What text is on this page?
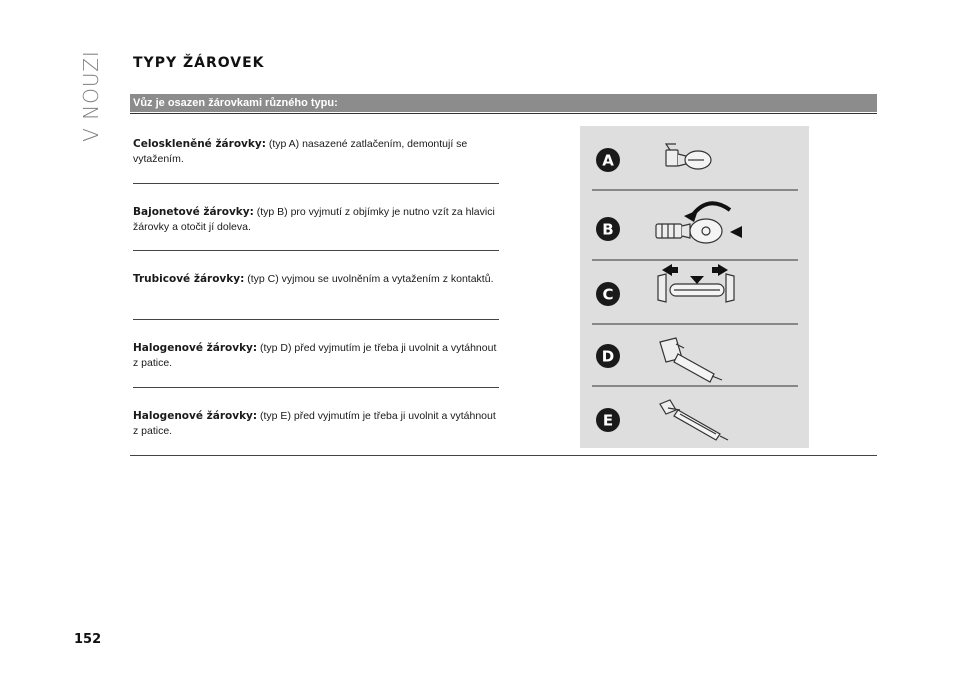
V NOUZI TYPY ŽÁROVEK
Vůz je osazen žárovkami různého typu:
Celoskleněné žárovky: (typ A) nasazené zatlačením, demontují se vytažením.
Bajonetové žárovky: (typ B) pro vyjmutí z objímky je nutno vzít za hlavici žárovky a otočit jí doleva.
Trubicové žárovky: (typ C) vyjmou se uvolněním a vytažením z kontaktů.
Halogenové žárovky: (typ D) před vyjmutím je třeba ji uvolnit a vytáhnout z patice.
Halogenové žárovky: (typ E) před vyjmutím je třeba ji uvolnit a vytáhnout z patice.
A
B
C
D
E
152
